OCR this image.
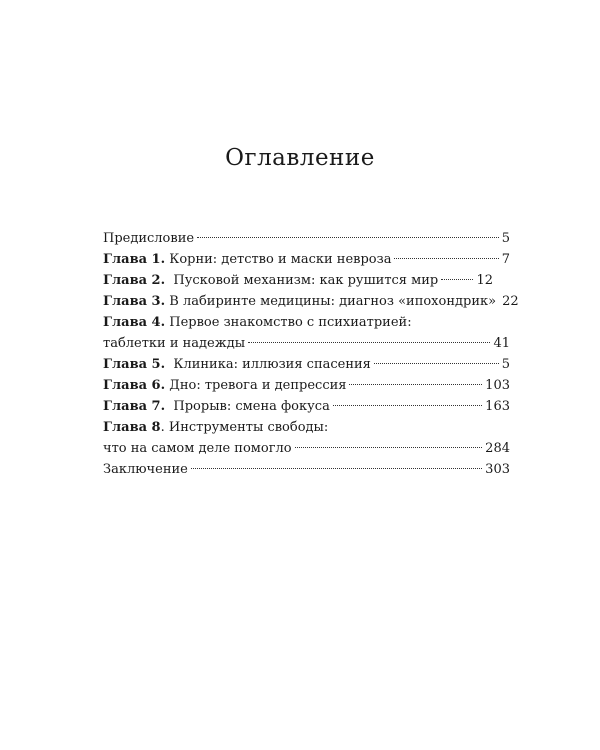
Оглавление
Предисловие	5
Глава 1. Корни: детство и маски невроза	7
Глава 2.  Пусковой механизм: как рушится мир	12
Глава 3. В лабиринте медицины: диагноз «ипохондрик» 22
Глава 4. Первое знакомство с психиатрией:
таблетки и надежды	41
Глава 5.  Клиника: иллюзия спасения	5
Глава 6. Дно: тревога и депрессия	103
Глава 7.  Прорыв: смена фокуса	163
Глава 8. Инструменты свободы:
что на самом деле помогло	284
Заключение	303
